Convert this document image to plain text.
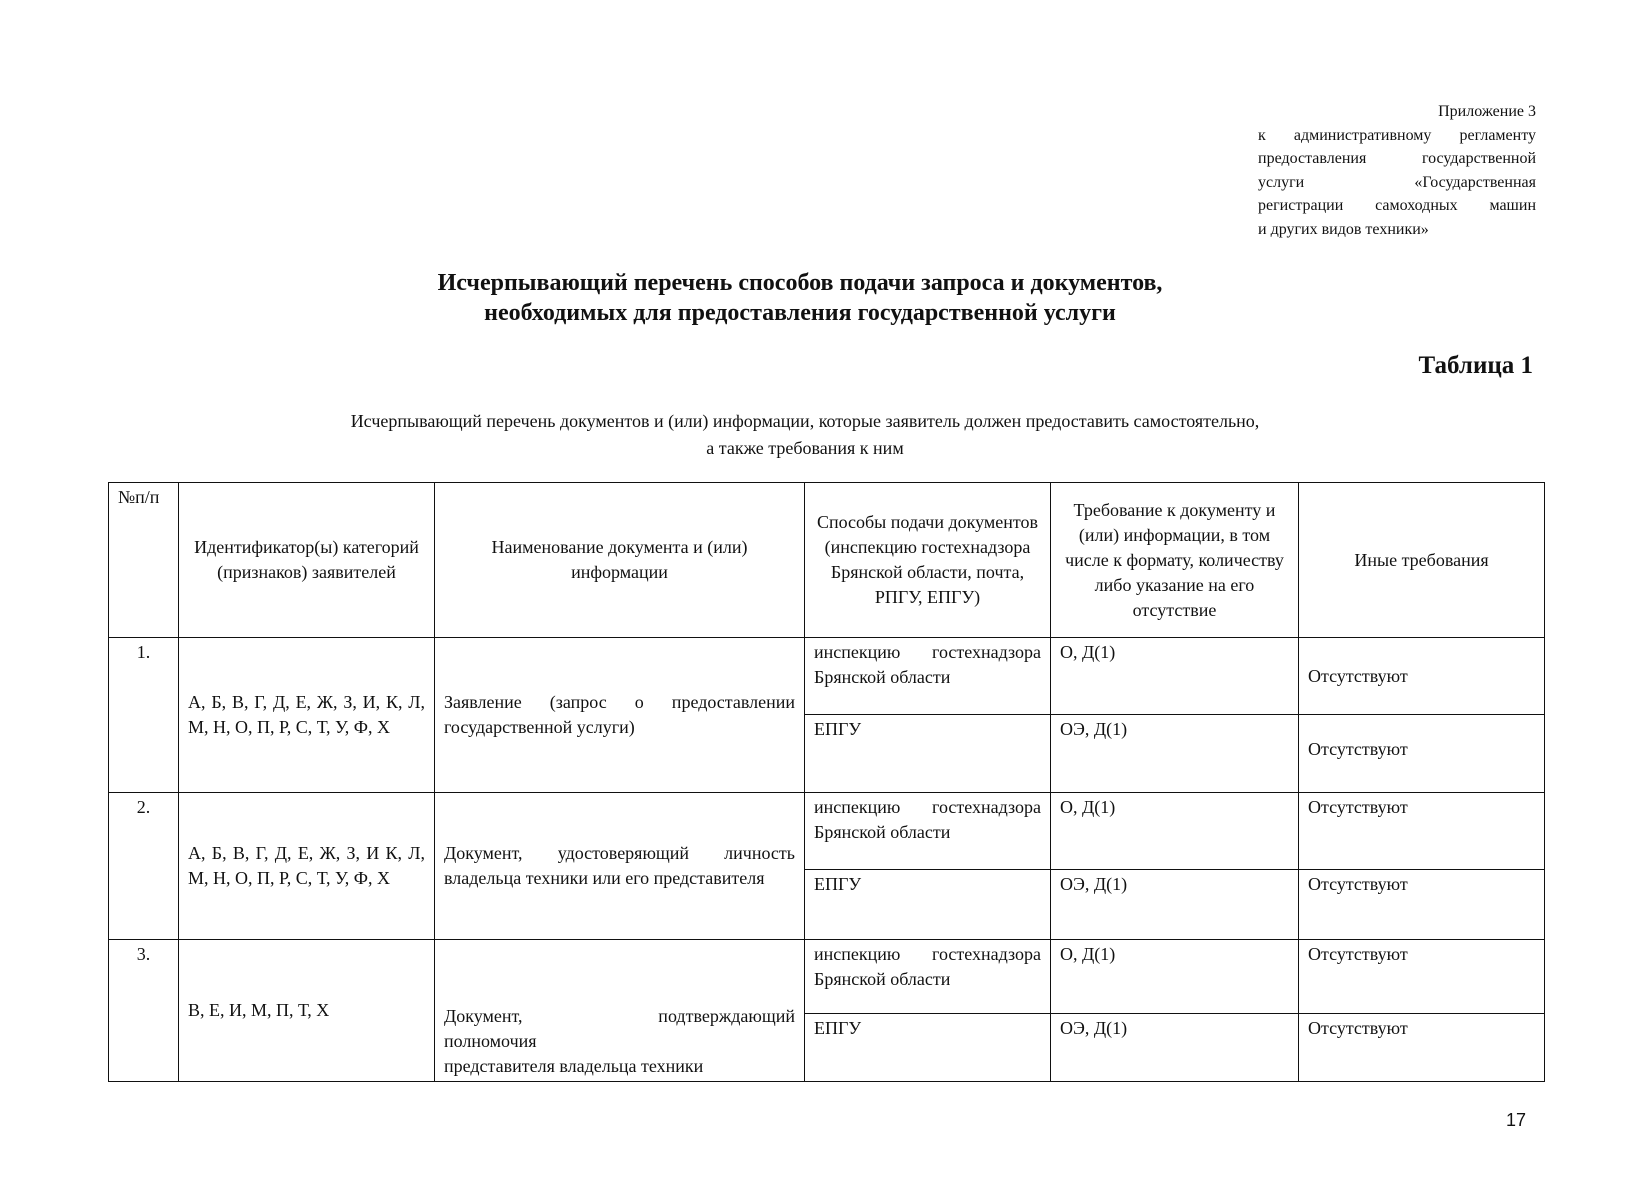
Приложение 3
к административному регламенту
предоставления государственной
услуги «Государственная
регистрации самоходных машин
и других видов техники»
Исчерпывающий перечень способов подачи запроса и документов,
необходимых для предоставления государственной услуги
Таблица 1
Исчерпывающий перечень документов и (или) информации, которые заявитель должен предоставить самостоятельно,
а также требования к ним
№п/п	Идентификатор(ы) категорий (признаков) заявителей	Наименование документа и (или) информации	Способы подачи документов (инспекцию гостехнадзора Брянской области, почта, РПГУ, ЕПГУ)	Требование к документу и (или) информации, в том числе к формату, количеству либо указание на его отсутствие	Иные требования
1.	А, Б, В, Г, Д, Е, Ж, З, И, К, Л, М, Н, О, П, Р, С, Т, У, Ф, Х	Заявление (запрос о предоставлении государственной услуги)	инспекцию гостехнадзора Брянской области	О, Д(1)	Отсутствуют
			ЕПГУ	ОЭ, Д(1)	Отсутствуют
2.	А, Б, В, Г, Д, Е, Ж, З, И К, Л, М, Н, О, П, Р, С, Т, У, Ф, Х	Документ, удостоверяющий личность владельца техники или его представителя	инспекцию гостехнадзора Брянской области	О, Д(1)	Отсутствуют
			ЕПГУ	ОЭ, Д(1)	Отсутствуют
3.	В, Е, И, М, П, Т, Х	Документ, подтверждающий
полномочия
представителя владельца техники	инспекцию гостехнадзора Брянской области	О, Д(1)	Отсутствуют
			ЕПГУ	ОЭ, Д(1)	Отсутствуют
17
